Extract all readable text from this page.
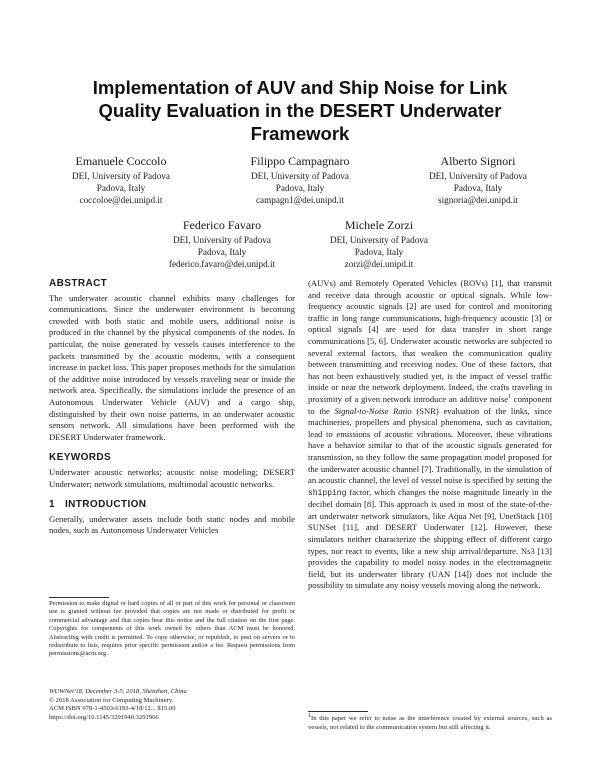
Implementation of AUV and Ship Noise for Link Quality Evaluation in the DESERT Underwater Framework
Emanuele Coccolo
DEI, University of Padova
Padova, Italy
coccoloe@dei.unipd.it
Filippo Campagnaro
DEI, University of Padova
Padova, Italy
campagn1@dei.unipd.it
Alberto Signori
DEI, University of Padova
Padova, Italy
signoria@dei.unipd.it
Federico Favaro
DEI, University of Padova
Padova, Italy
federico.favaro@dei.unipd.it
Michele Zorzi
DEI, University of Padova
Padova, Italy
zorzi@dei.unipd.it
ABSTRACT

The underwater acoustic channel exhibits many challenges for communications. Since the underwater environment is becoming crowded with both static and mobile users, additional noise is produced in the channel by the physical components of the nodes. In particular, the noise generated by vessels causes interference to the packets transmitted by the acoustic modems, with a consequent increase in packet loss. This paper proposes methods for the simulation of the additive noise introduced by vessels traveling near or inside the network area. Specifically, the simulations include the presence of an Autonomous Underwater Vehicle (AUV) and a cargo ship, distinguished by their own noise patterns, in an underwater acoustic sensors network. All simulations have been performed with the DESERT Underwater framework.

KEYWORDS

Underwater acoustic networks; acoustic noise modeling; DESERT Underwater; network simulations, multimodal acoustic networks.

1 INTRODUCTION

Generally, underwater assets include both static nodes and mobile nodes, such as Autonomous Underwater Vehicles

Permission to make digital or hard copies of all or part of this work for personal or classroom use is granted without fee provided that copies are not made or distributed for profit or commercial advantage and that copies bear this notice and the full citation on the first page. Copyrights for components of this work owned by others than ACM must be honored. Abstracting with credit is permitted. To copy otherwise, or republish, to post on servers or to redistribute to lists, requires prior specific permission and/or a fee. Request permissions from permissions@acm.org.
WUWNet'18, December 3-5, 2018, Shenzhen, China
© 2018 Association for Computing Machinery.
ACM ISBN 978-1-4503-6193-4/18/12... $15.00
https://doi.org/10.1145/3291940.3291966

(AUVs) and Remotely Operated Vehicles (ROVs) [1], that transmit and receive data through acoustic or optical signals. While low-frequency acoustic signals [2] are used for control and monitoring traffic in long range communications, high-frequency acoustic [3] or optical signals [4] are used for data transfer in short range communications [5, 6]. Underwater acoustic networks are subjected to several external factors, that weaken the communication quality between transmitting and receiving nodes. One of these factors, that has not been exhaustively studied yet, is the impact of vessel traffic inside or near the network deployment. Indeed, the crafts traveling in proximity of a given network introduce an additive noise$^1$ component to the Signal-to-Noise Ratio (SNR) evaluation of the links, since machineries, propellers and physical phenomena, such as cavitation, lead to emissions of acoustic vibrations. Moreover, these vibrations have a behavior similar to that of the acoustic signals generated for transmission, so they follow the same propagation model proposed for the underwater acoustic channel [7]. Traditionally, in the simulation of an acoustic channel, the level of vessel noise is specified by setting the shipping factor, which changes the noise magnitude linearly in the decibel domain [8]. This approach is used in most of the state-of-the-art underwater network simulators, like Aqua Net [9], UnetStack [10] SUNSet [11], and DESERT Underwater [12]. However, these simulators neither characterize the shipping effect of different cargo types, nor react to events, like a new ship arrival/departure. Ns3 [13] provides the capability to model noisy nodes in the electromagnetic field, but its underwater library (UAN [14]) does not include the possibility to simulate any noisy vessels moving along the network.

$^1$In this paper we refer to noise as the interference created by external sources, such as vessels, not related to the communication system but still affecting it.
